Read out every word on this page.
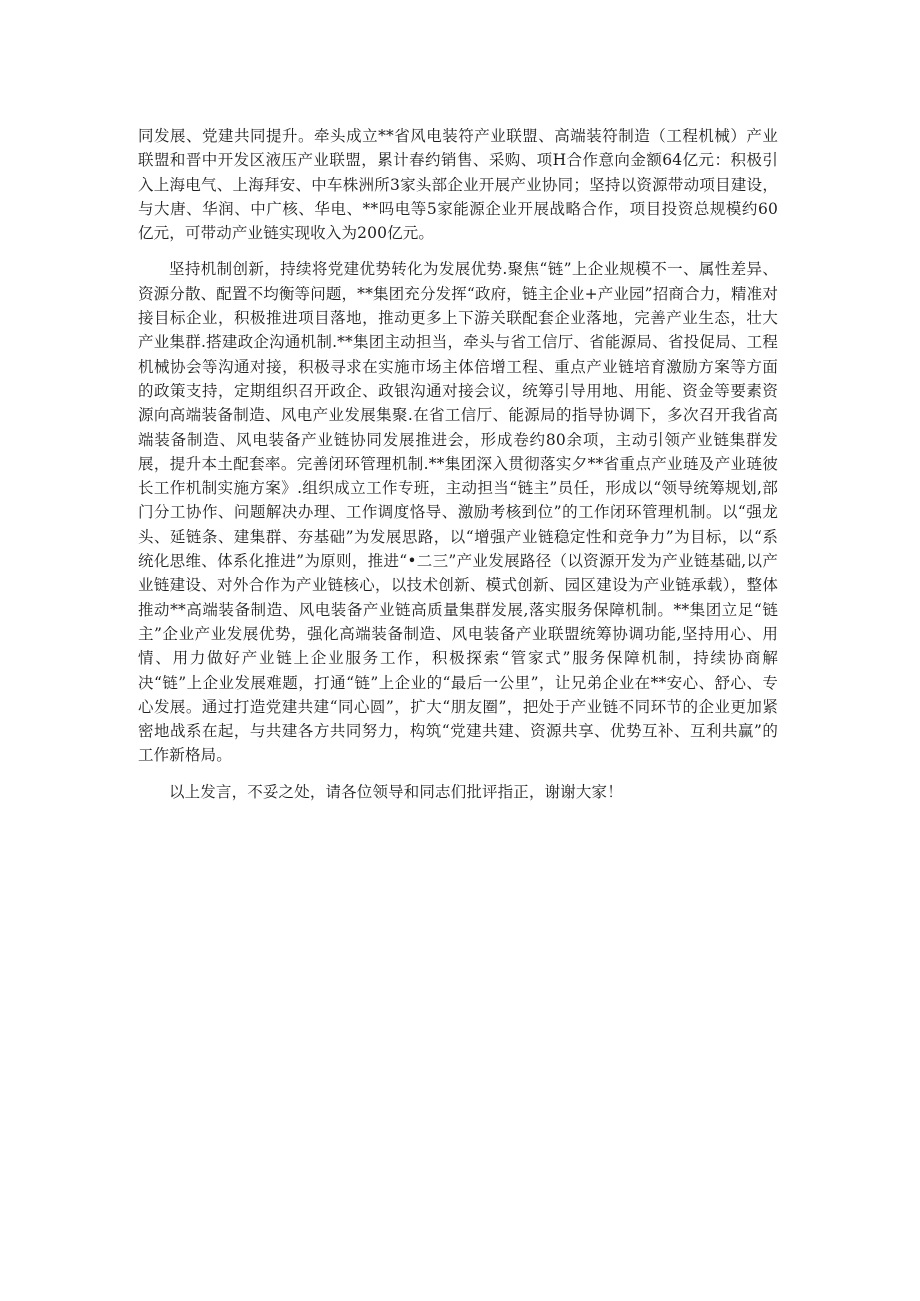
同发展、党建共同提升。牵头成立**省风电装符产业联盟、高端装符制造（工程机械）产业联盟和晋中开发区液压产业联盟，累计春约销售、采购、项H合作意向金额64亿元：积极引入上海电气、上海拜安、中车株洲所3家头部企业开展产业协同；坚持以资源带动项目建设，与大唐、华润、中广核、华电、**吗电等5家能源企业开展战略合作，项目投资总规模约60亿元，可带动产业链实现收入为200亿元。

坚持机制创新，持续将党建优势转化为发展优势.聚焦“链”上企业规模不一、属性差异、资源分散、配置不均衡等问题，**集团充分发挥“政府，链主企业+产业园”招商合力，精准对接目标企业，积极推进项目落地，推动更多上下游关联配套企业落地，完善产业生态，壮大产业集群.搭建政企沟通机制.**集团主动担当，牵头与省工信厅、省能源局、省投促局、工程机械协会等沟通对接，积极寻求在实施市场主体倍增工程、重点产业链培育激励方案等方面的政策支持，定期组织召开政企、政银沟通对接会议，统筹引导用地、用能、资金等要素资源向高端装备制造、风电产业发展集聚.在省工信厅、能源局的指导协调下，多次召开我省高端装备制造、风电装备产业链协同发展推进会，形成卷约80余项，主动引领产业链集群发展，提升本土配套率。完善闭环管理机制.**集团深入贯彻落实夕**省重点产业琏及产业琏彼长工作机制实施方案》.组织成立工作专班，主动担当“链主”员任，形成以“领导统筹规划,部门分工协作、问题解决办理、工作调度恪导、激励考核到位”的工作闭环管理机制。以“强龙头、延链条、建集群、夯基础”为发展思路，以“增强产业链稳定性和竞争力”为目标，以“系统化思维、体系化推进”为原则，推进“•二三”产业发展路径（以资源开发为产业链基础,以产业链建设、对外合作为产业链核心，以技术创新、模式创新、园区建设为产业链承载），整体推动**高端装备制造、风电装备产业链高质量集群发展,落实服务保障机制。**集团立足“链主”企业产业发展优势，强化高端装备制造、风电装备产业联盟统筹协调功能,坚持用心、用情、用力做好产业链上企业服务工作，积极探索“管家式”服务保障机制，持续协商解决“链”上企业发展难题，打通“链”上企业的“最后一公里”，让兄弟企业在**安心、舒心、专心发展。通过打造党建共建“同心圆”，扩大“朋友圈”，把处于产业链不同环节的企业更加紧密地战系在起，与共建各方共同努力，构筑“党建共建、资源共享、优势互补、互利共赢”的工作新格局。

以上发言，不妥之处，请各位领导和同志们批评指正，谢谢大家！
